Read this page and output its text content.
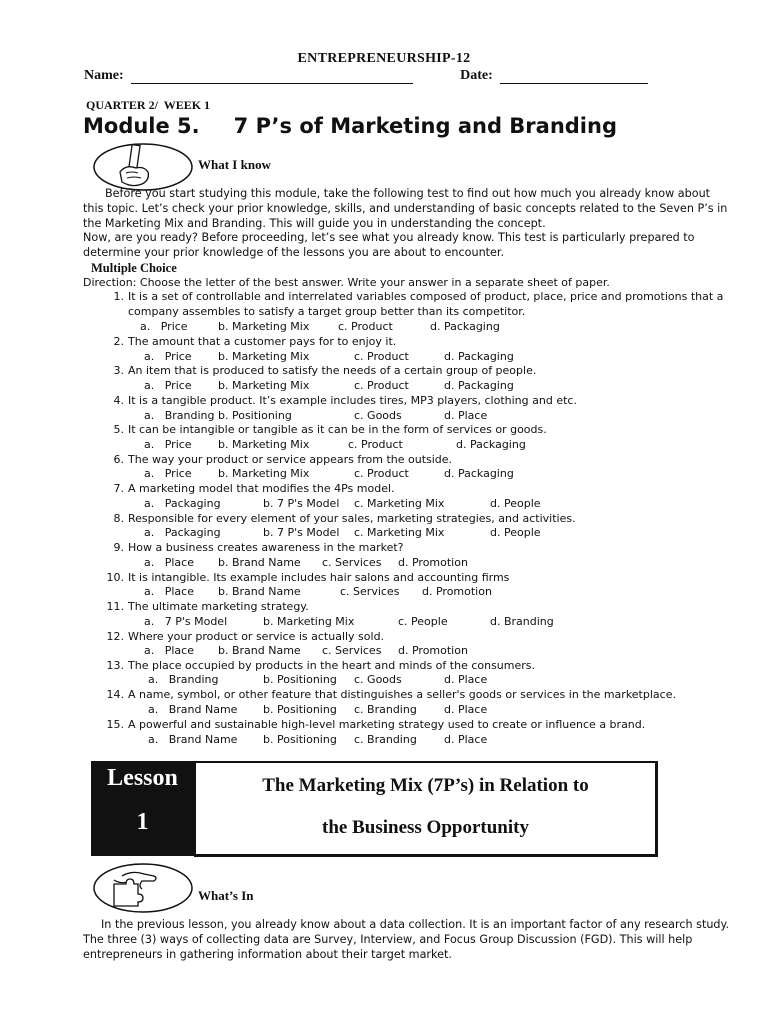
ENTREPRENEURSHIP-12
Name:	Date:
QUARTER 2/  WEEK 1
Module 5. 7 P’s of Marketing and Branding
What I know
Before you start studying this module, take the following test to find out how much you already know about this topic. Let’s check your prior knowledge, skills, and understanding of basic concepts related to the Seven P’s in the Marketing Mix and Branding. This will guide you in understanding the concept.
Now, are you ready? Before proceeding, let’s see what you already know. This test is particularly prepared to determine your prior knowledge of the lessons you are about to encounter.
Multiple Choice
Direction: Choose the letter of the best answer. Write your answer in a separate sheet of paper.
1. It is a set of controllable and interrelated variables composed of product, place, price and promotions that a company assembles to satisfy a target group better than its competitor.
a.   Price	b. Marketing Mix	c. Product	d. Packaging
2. The amount that a customer pays for to enjoy it.
a.   Price b. Marketing Mix	c. Product	d. Packaging
3. An item that is produced to satisfy the needs of a certain group of people.
a.   Price b. Marketing Mix	c. Product	d. Packaging
4. It is a tangible product. It’s example includes tires, MP3 players, clothing and etc.
a.   Branding b. Positioning	c. Goods	d. Place
5. It can be intangible or tangible as it can be in the form of services or goods.
a.   Price b. Marketing Mix	c. Product	d. Packaging
6. The way your product or service appears from the outside.
a.   Price b. Marketing Mix	c. Product	d. Packaging
7. A marketing model that modifies the 4Ps model.
a.   Packaging	b. 7 P's Model c. Marketing Mix	d. People
8. Responsible for every element of your sales, marketing strategies, and activities.
a.   Packaging	b. 7 P's Model c. Marketing Mix	d. People
9. How a business creates awareness in the market?
a.   Place b. Brand Name c. Services d. Promotion
10. It is intangible. Its example includes hair salons and accounting firms
a.   Place b. Brand Name	c. Services d. Promotion
11. The ultimate marketing strategy.
a.   7 P's Model	b. Marketing Mix	c. People	d. Branding
12. Where your product or service is actually sold.
a.   Place b. Brand Name c. Services d. Promotion
13. The place occupied by products in the heart and minds of the consumers.
a.   Branding	b. Positioning c. Goods	d. Place
14. A name, symbol, or other feature that distinguishes a seller's goods or services in the marketplace.
a.   Brand Name b. Positioning c. Branding d. Place
15. A powerful and sustainable high-level marketing strategy used to create or influence a brand.
a.   Brand Name b. Positioning c. Branding d. Place
Lesson
1
The Marketing Mix (7P’s) in Relation to
the Business Opportunity
What’s In
In the previous lesson, you already know about a data collection. It is an important factor of any research study. The three (3) ways of collecting data are Survey, Interview, and Focus Group Discussion (FGD). This will help entrepreneurs in gathering information about their target market.
